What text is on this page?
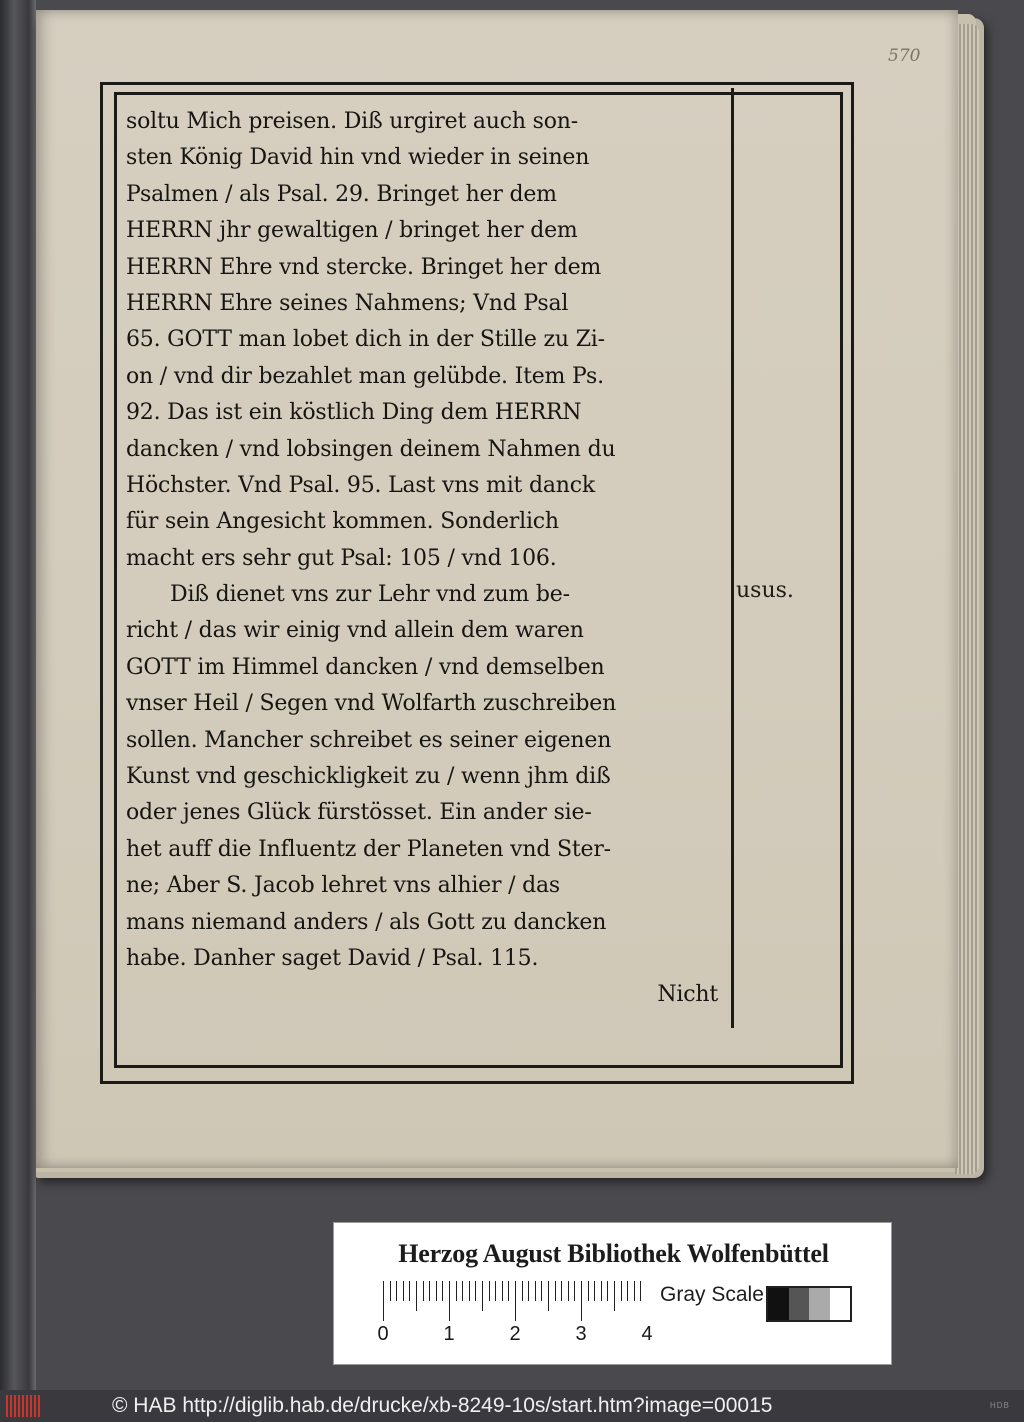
570
soltu Mich preisen. Diß urgiret auch son-
sten König David hin vnd wieder in seinen
Psalmen / als Psal. 29. Bringet her dem
HERRN jhr gewaltigen / bringet her dem
HERRN Ehre vnd stercke. Bringet her dem
HERRN Ehre seines Nahmens; Vnd Psal
65. GOTT man lobet dich in der Stille zu Zi-
on / vnd dir bezahlet man gelübde. Item Ps.
92. Das ist ein köstlich Ding dem HERRN
dancken / vnd lobsingen deinem Nahmen du
Höchster. Vnd Psal. 95. Last vns mit danck
für sein Angesicht kommen. Sonderlich
macht ers sehr gut Psal: 105 / vnd 106.
Diß dienet vns zur Lehr vnd zum be-
richt / das wir einig vnd allein dem waren
GOTT im Himmel dancken / vnd demselben
vnser Heil / Segen vnd Wolfarth zuschreiben
sollen. Mancher schreibet es seiner eigenen
Kunst vnd geschickligkeit zu / wenn jhm diß
oder jenes Glück fürstösset. Ein ander sie-
het auff die Influentz der Planeten vnd Ster-
ne; Aber S. Jacob lehret vns alhier / das
mans niemand anders / als Gott zu dancken
habe. Danher saget David / Psal. 115.
Nicht
usus.
Herzog August Bibliothek Wolfenbüttel
0	1	2	3	4
Gray Scale
© HAB http://diglib.hab.de/drucke/xb-8249-10s/start.htm?image=00015	HDB
